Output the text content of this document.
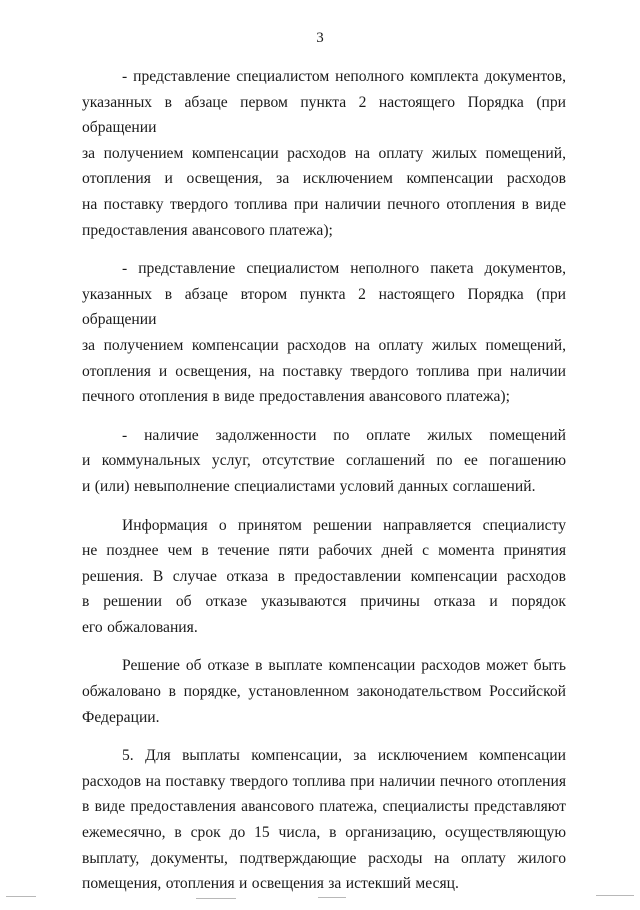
3
- представление специалистом неполного комплекта документов,
указанных в абзаце первом пункта 2 настоящего Порядка (при обращении
за получением компенсации расходов на оплату жилых помещений,
отопления и освещения, за исключением компенсации расходов
на поставку твердого топлива при наличии печного отопления в виде
предоставления авансового платежа);
- представление специалистом неполного пакета документов,
указанных в абзаце втором пункта 2 настоящего Порядка (при обращении
за получением компенсации расходов на оплату жилых помещений,
отопления и освещения, на поставку твердого топлива при наличии
печного отопления в виде предоставления авансового платежа);
- наличие задолженности по оплате жилых помещений
и коммунальных услуг, отсутствие соглашений по ее погашению
и (или) невыполнение специалистами условий данных соглашений.
Информация о принятом решении направляется специалисту
не позднее чем в течение пяти рабочих дней с момента принятия
решения. В случае отказа в предоставлении компенсации расходов
в решении об отказе указываются причины отказа и порядок
его обжалования.
Решение об отказе в выплате компенсации расходов может быть
обжаловано в порядке, установленном законодательством Российской
Федерации.
5. Для выплаты компенсации, за исключением компенсации
расходов на поставку твердого топлива при наличии печного отопления
в виде предоставления авансового платежа, специалисты представляют
ежемесячно, в срок до 15 числа, в организацию, осуществляющую
выплату, документы, подтверждающие расходы на оплату жилого
помещения, отопления и освещения за истекший месяц.
